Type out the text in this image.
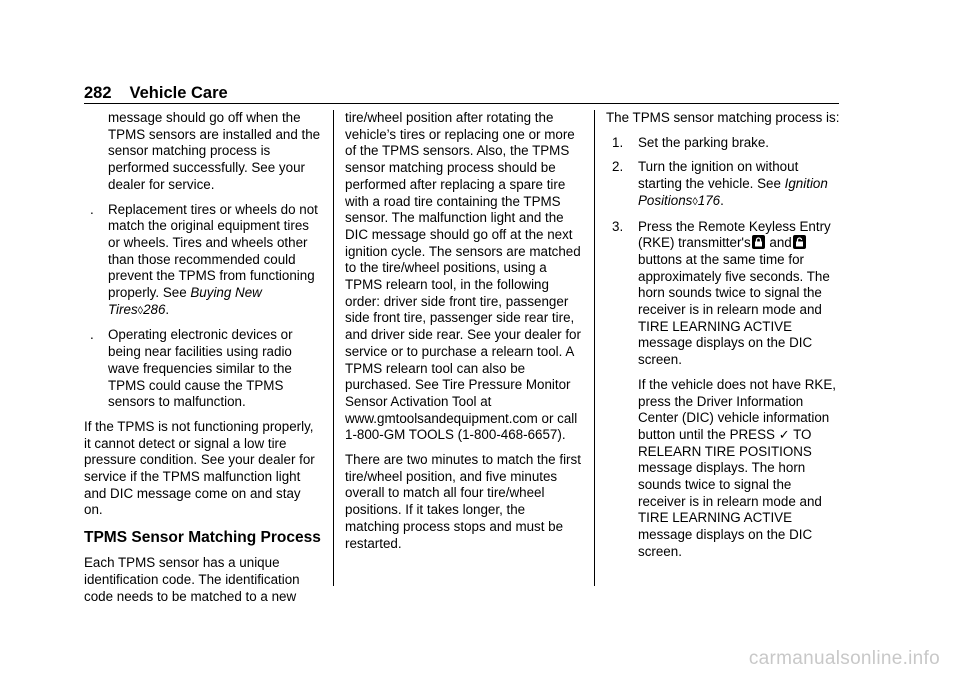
282 Vehicle Care

message should go off when the TPMS sensors are installed and the sensor matching process is performed successfully. See your dealer for service.

. Replacement tires or wheels do not match the original equipment tires or wheels. Tires and wheels other than those recommended could prevent the TPMS from functioning properly. See Buying New Tires◊286.

. Operating electronic devices or being near facilities using radio wave frequencies similar to the TPMS could cause the TPMS sensors to malfunction.

If the TPMS is not functioning properly, it cannot detect or signal a low tire pressure condition. See your dealer for service if the TPMS malfunction light and DIC message come on and stay on.

TPMS Sensor Matching Process

Each TPMS sensor has a unique identification code. The identification code needs to be matched to a new

tire/wheel position after rotating the vehicle’s tires or replacing one or more of the TPMS sensors. Also, the TPMS sensor matching process should be performed after replacing a spare tire with a road tire containing the TPMS sensor. The malfunction light and the DIC message should go off at the next ignition cycle. The sensors are matched to the tire/wheel positions, using a TPMS relearn tool, in the following order: driver side front tire, passenger side front tire, passenger side rear tire, and driver side rear. See your dealer for service or to purchase a relearn tool. A TPMS relearn tool can also be purchased. See Tire Pressure Monitor Sensor Activation Tool at www.gmtoolsandequipment.com or call 1-800-GM TOOLS (1-800-468-6657).

There are two minutes to match the first tire/wheel position, and five minutes overall to match all four tire/wheel positions. If it takes longer, the matching process stops and must be restarted.

The TPMS sensor matching process is:

1. Set the parking brake.

2. Turn the ignition on without starting the vehicle. See Ignition Positions◊176.

3. Press the Remote Keyless Entry (RKE) transmitter's and
buttons at the same time for approximately five seconds. The horn sounds twice to signal the receiver is in relearn mode and TIRE LEARNING ACTIVE message displays on the DIC screen.

If the vehicle does not have RKE, press the Driver Information Center (DIC) vehicle information button until the PRESS ✓ TO RELEARN TIRE POSITIONS message displays. The horn sounds twice to signal the receiver is in relearn mode and TIRE LEARNING ACTIVE message displays on the DIC screen.

carmanualsonline.info
